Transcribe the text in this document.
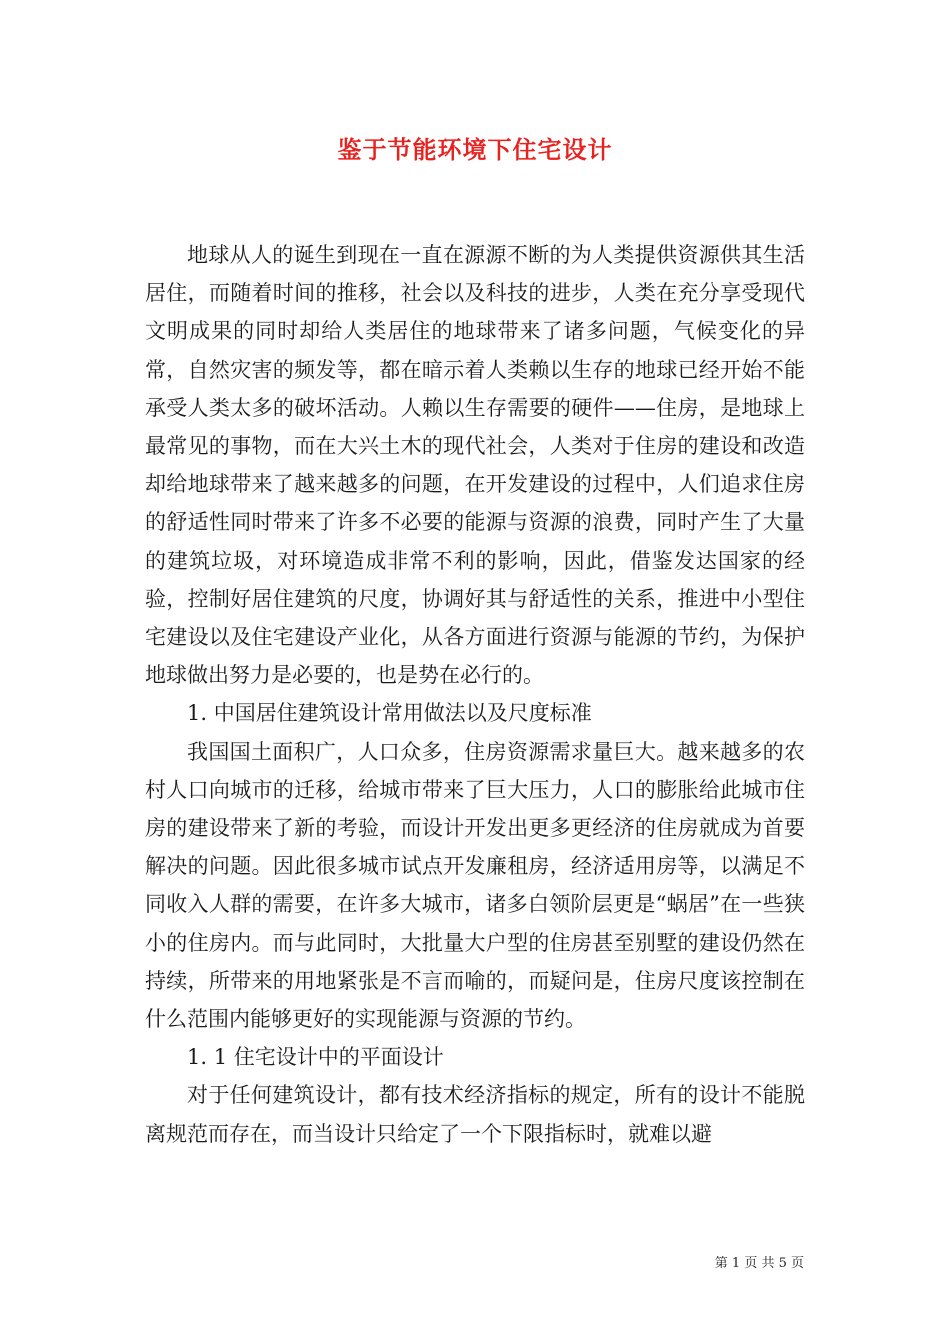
鉴于节能环境下住宅设计

地球从人的诞生到现在一直在源源不断的为人类提供资源供其生活居住，而随着时间的推移，社会以及科技的进步，人类在充分享受现代文明成果的同时却给人类居住的地球带来了诸多问题，气候变化的异常，自然灾害的频发等，都在暗示着人类赖以生存的地球已经开始不能承受人类太多的破坏活动。人赖以生存需要的硬件——住房，是地球上最常见的事物，而在大兴土木的现代社会，人类对于住房的建设和改造却给地球带来了越来越多的问题，在开发建设的过程中，人们追求住房的舒适性同时带来了许多不必要的能源与资源的浪费，同时产生了大量的建筑垃圾，对环境造成非常不利的影响，因此，借鉴发达国家的经验，控制好居住建筑的尺度，协调好其与舒适性的关系，推进中小型住宅建设以及住宅建设产业化，从各方面进行资源与能源的节约，为保护地球做出努力是必要的，也是势在必行的。

1. 中国居住建筑设计常用做法以及尺度标准

我国国土面积广，人口众多，住房资源需求量巨大。越来越多的农村人口向城市的迁移，给城市带来了巨大压力，人口的膨胀给此城市住房的建设带来了新的考验，而设计开发出更多更经济的住房就成为首要解决的问题。因此很多城市试点开发廉租房，经济适用房等，以满足不同收入人群的需要，在许多大城市，诸多白领阶层更是“蜗居”在一些狭小的住房内。而与此同时，大批量大户型的住房甚至别墅的建设仍然在持续，所带来的用地紧张是不言而喻的，而疑问是，住房尺度该控制在什么范围内能够更好的实现能源与资源的节约。

1. 1 住宅设计中的平面设计

对于任何建筑设计，都有技术经济指标的规定，所有的设计不能脱离规范而存在，而当设计只给定了一个下限指标时，就难以避

第 1 页 共 5 页
